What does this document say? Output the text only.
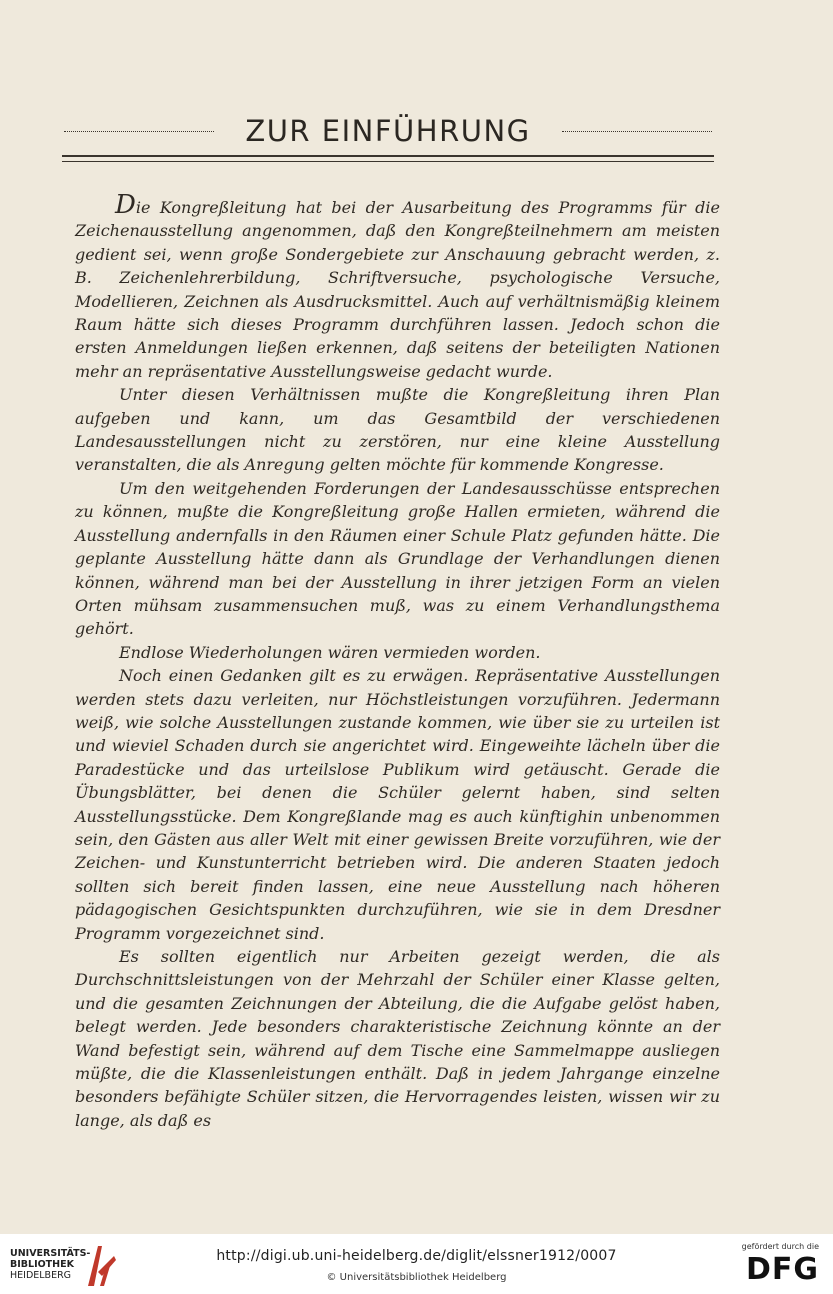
ZUR EINFÜHRUNG

Die Kongreßleitung hat bei der Ausarbeitung des Programms für die Zeichenausstellung angenommen, daß den Kongreßteilnehmern am meisten gedient sei, wenn große Sondergebiete zur Anschauung gebracht werden, z. B. Zeichenlehrerbildung, Schriftversuche, psychologische Versuche, Modellieren, Zeichnen als Ausdrucksmittel. Auch auf verhältnismäßig kleinem Raum hätte sich dieses Programm durchführen lassen. Jedoch schon die ersten Anmeldungen ließen erkennen, daß seitens der beteiligten Nationen mehr an repräsentative Ausstellungsweise gedacht wurde.

Unter diesen Verhältnissen mußte die Kongreßleitung ihren Plan aufgeben und kann, um das Gesamtbild der verschiedenen Landesausstellungen nicht zu zerstören, nur eine kleine Ausstellung veranstalten, die als Anregung gelten möchte für kommende Kongresse.

Um den weitgehenden Forderungen der Landesausschüsse entsprechen zu können, mußte die Kongreßleitung große Hallen ermieten, während die Ausstellung andernfalls in den Räumen einer Schule Platz gefunden hätte. Die geplante Ausstellung hätte dann als Grundlage der Verhandlungen dienen können, während man bei der Ausstellung in ihrer jetzigen Form an vielen Orten mühsam zusammensuchen muß, was zu einem Verhandlungsthema gehört.

Endlose Wiederholungen wären vermieden worden.

Noch einen Gedanken gilt es zu erwägen. Repräsentative Ausstellungen werden stets dazu verleiten, nur Höchstleistungen vorzuführen. Jedermann weiß, wie solche Ausstellungen zustande kommen, wie über sie zu urteilen ist und wieviel Schaden durch sie angerichtet wird. Eingeweihte lächeln über die Paradestücke und das urteilslose Publikum wird getäuscht. Gerade die Übungsblätter, bei denen die Schüler gelernt haben, sind selten Ausstellungsstücke. Dem Kongreßlande mag es auch künftighin unbenommen sein, den Gästen aus aller Welt mit einer gewissen Breite vorzuführen, wie der Zeichen- und Kunstunterricht betrieben wird. Die anderen Staaten jedoch sollten sich bereit finden lassen, eine neue Ausstellung nach höheren pädagogischen Gesichtspunkten durchzuführen, wie sie in dem Dresdner Programm vorgezeichnet sind.

Es sollten eigentlich nur Arbeiten gezeigt werden, die als Durchschnittsleistungen von der Mehrzahl der Schüler einer Klasse gelten, und die gesamten Zeichnungen der Abteilung, die die Aufgabe gelöst haben, belegt werden. Jede besonders charakteristische Zeichnung könnte an der Wand befestigt sein, während auf dem Tische eine Sammelmappe ausliegen müßte, die die Klassenleistungen enthält. Daß in jedem Jahrgange einzelne besonders befähigte Schüler sitzen, die Hervorragendes leisten, wissen wir zu lange, als daß es

UNIVERSITÄTS-
BIBLIOTHEK
HEIDELBERG
http://digi.ub.uni-heidelberg.de/diglit/elssner1912/0007
© Universitätsbibliothek Heidelberg
gefördert durch die
DFG
